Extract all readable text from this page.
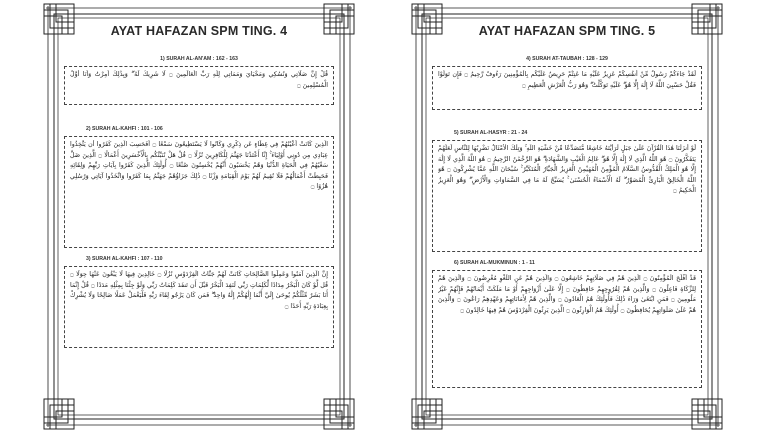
AYAT HAFAZAN SPM TING. 4
1) SURAH AL-AN'AM : 162 - 163
قُلْ إِنَّ صَلَاتِي وَنُسُكِي وَمَحْيَايَ وَمَمَاتِي لِلَّهِ رَبِّ الْعَالَمِينَ ۝ لَا شَرِيكَ لَهُ ۖ وَبِذَٰلِكَ أُمِرْتُ وَأَنَا أَوَّلُ الْمُسْلِمِينَ ۝
2) SURAH AL-KAHFI : 101 - 106
الَّذِينَ كَانَتْ أَعْيُنُهُمْ فِي غِطَاءٍ عَن ذِكْرِي وَكَانُوا لَا يَسْتَطِيعُونَ سَمْعًا ۝ أَفَحَسِبَ الَّذِينَ كَفَرُوا أَن يَتَّخِذُوا عِبَادِي مِن دُونِي أَوْلِيَاءَ ۚ إِنَّا أَعْتَدْنَا جَهَنَّمَ لِلْكَافِرِينَ نُزُلًا ۝ قُلْ هَلْ نُنَبِّئُكُم بِالْأَخْسَرِينَ أَعْمَالًا ۝ الَّذِينَ ضَلَّ سَعْيُهُمْ فِي الْحَيَاةِ الدُّنْيَا وَهُمْ يَحْسَبُونَ أَنَّهُمْ يُحْسِنُونَ صُنْعًا ۝ أُولَٰئِكَ الَّذِينَ كَفَرُوا بِآيَاتِ رَبِّهِمْ وَلِقَائِهِ فَحَبِطَتْ أَعْمَالُهُمْ فَلَا نُقِيمُ لَهُمْ يَوْمَ الْقِيَامَةِ وَزْنًا ۝ ذَٰلِكَ جَزَاؤُهُمْ جَهَنَّمُ بِمَا كَفَرُوا وَاتَّخَذُوا آيَاتِي وَرُسُلِي هُزُوًا ۝
3) SURAH AL-KAHFI : 107 - 110
إِنَّ الَّذِينَ آمَنُوا وَعَمِلُوا الصَّالِحَاتِ كَانَتْ لَهُمْ جَنَّاتُ الْفِرْدَوْسِ نُزُلًا ۝ خَالِدِينَ فِيهَا لَا يَبْغُونَ عَنْهَا حِوَلًا ۝ قُل لَّوْ كَانَ الْبَحْرُ مِدَادًا لِّكَلِمَاتِ رَبِّي لَنَفِدَ الْبَحْرُ قَبْلَ أَن تَنفَدَ كَلِمَاتُ رَبِّي وَلَوْ جِئْنَا بِمِثْلِهِ مَدَدًا ۝ قُلْ إِنَّمَا أَنَا بَشَرٌ مِّثْلُكُمْ يُوحَىٰ إِلَيَّ أَنَّمَا إِلَٰهُكُمْ إِلَٰهٌ وَاحِدٌ ۖ فَمَن كَانَ يَرْجُو لِقَاءَ رَبِّهِ فَلْيَعْمَلْ عَمَلًا صَالِحًا وَلَا يُشْرِكْ بِعِبَادَةِ رَبِّهِ أَحَدًا ۝
AYAT HAFAZAN SPM TING. 5
4) SURAH AT-TAUBAH : 128 - 129
لَقَدْ جَاءَكُمْ رَسُولٌ مِّنْ أَنفُسِكُمْ عَزِيزٌ عَلَيْهِ مَا عَنِتُّمْ حَرِيصٌ عَلَيْكُم بِالْمُؤْمِنِينَ رَءُوفٌ رَّحِيمٌ ۝ فَإِن تَوَلَّوْا فَقُلْ حَسْبِيَ اللَّهُ لَا إِلَٰهَ إِلَّا هُوَ ۖ عَلَيْهِ تَوَكَّلْتُ ۖ وَهُوَ رَبُّ الْعَرْشِ الْعَظِيمِ ۝
5) SURAH AL-HASYR : 21 - 24
لَوْ أَنزَلْنَا هَٰذَا الْقُرْآنَ عَلَىٰ جَبَلٍ لَّرَأَيْتَهُ خَاشِعًا مُّتَصَدِّعًا مِّنْ خَشْيَةِ اللَّهِ ۚ وَتِلْكَ الْأَمْثَالُ نَضْرِبُهَا لِلنَّاسِ لَعَلَّهُمْ يَتَفَكَّرُونَ ۝ هُوَ اللَّهُ الَّذِي لَا إِلَٰهَ إِلَّا هُوَ ۖ عَالِمُ الْغَيْبِ وَالشَّهَادَةِ ۖ هُوَ الرَّحْمَٰنُ الرَّحِيمُ ۝ هُوَ اللَّهُ الَّذِي لَا إِلَٰهَ إِلَّا هُوَ الْمَلِكُ الْقُدُّوسُ السَّلَامُ الْمُؤْمِنُ الْمُهَيْمِنُ الْعَزِيزُ الْجَبَّارُ الْمُتَكَبِّرُ ۚ سُبْحَانَ اللَّهِ عَمَّا يُشْرِكُونَ ۝ هُوَ اللَّهُ الْخَالِقُ الْبَارِئُ الْمُصَوِّرُ ۖ لَهُ الْأَسْمَاءُ الْحُسْنَىٰ ۚ يُسَبِّحُ لَهُ مَا فِي السَّمَاوَاتِ وَالْأَرْضِ ۖ وَهُوَ الْعَزِيزُ الْحَكِيمُ ۝
6) SURAH AL-MUKMINUN : 1 - 11
قَدْ أَفْلَحَ الْمُؤْمِنُونَ ۝ الَّذِينَ هُمْ فِي صَلَاتِهِمْ خَاشِعُونَ ۝ وَالَّذِينَ هُمْ عَنِ اللَّغْوِ مُعْرِضُونَ ۝ وَالَّذِينَ هُمْ لِلزَّكَاةِ فَاعِلُونَ ۝ وَالَّذِينَ هُمْ لِفُرُوجِهِمْ حَافِظُونَ ۝ إِلَّا عَلَىٰ أَزْوَاجِهِمْ أَوْ مَا مَلَكَتْ أَيْمَانُهُمْ فَإِنَّهُمْ غَيْرُ مَلُومِينَ ۝ فَمَنِ ابْتَغَىٰ وَرَاءَ ذَٰلِكَ فَأُولَٰئِكَ هُمُ الْعَادُونَ ۝ وَالَّذِينَ هُمْ لِأَمَانَاتِهِمْ وَعَهْدِهِمْ رَاعُونَ ۝ وَالَّذِينَ هُمْ عَلَىٰ صَلَوَاتِهِمْ يُحَافِظُونَ ۝ أُولَٰئِكَ هُمُ الْوَارِثُونَ ۝ الَّذِينَ يَرِثُونَ الْفِرْدَوْسَ هُمْ فِيهَا خَالِدُونَ ۝
